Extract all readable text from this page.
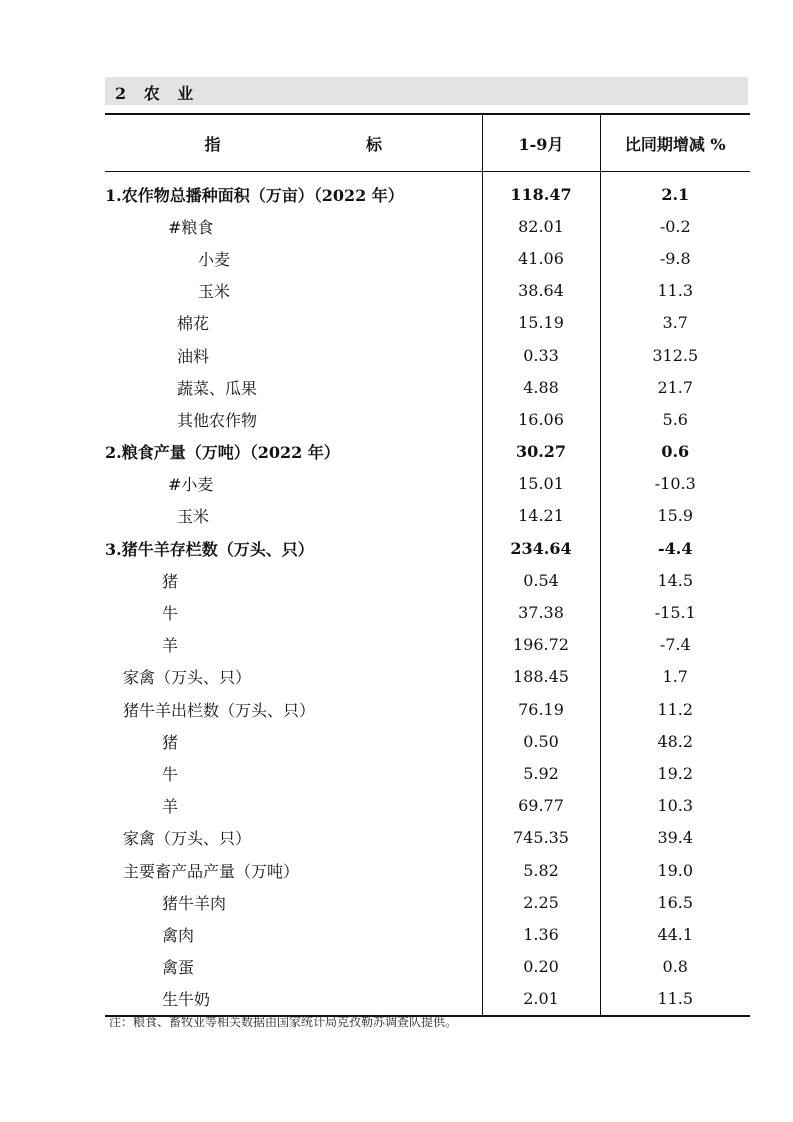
2 农 业
指 标	1-9月	比同期增减 %
1.农作物总播种面积（万亩）（2022 年）	118.47	2.1
#粮食	82.01	-0.2
小麦	41.06	-9.8
玉米	38.64	11.3
棉花	15.19	3.7
油料	0.33	312.5
蔬菜、瓜果	4.88	21.7
其他农作物	16.06	5.6
2.粮食产量（万吨）（2022 年）	30.27	0.6
#小麦	15.01	-10.3
玉米	14.21	15.9
3.猪牛羊存栏数（万头、只）	234.64	-4.4
猪	0.54	14.5
牛	37.38	-15.1
羊	196.72	-7.4
家禽（万头、只）	188.45	1.7
猪牛羊出栏数（万头、只）	76.19	11.2
猪	0.50	48.2
牛	5.92	19.2
羊	69.77	10.3
家禽（万头、只）	745.35	39.4
主要畜产品产量（万吨）	5.82	19.0
猪牛羊肉	2.25	16.5
禽肉	1.36	44.1
禽蛋	0.20	0.8
生牛奶	2.01	11.5
注：粮食、畜牧业等相关数据由国家统计局克孜勒苏调查队提供。
